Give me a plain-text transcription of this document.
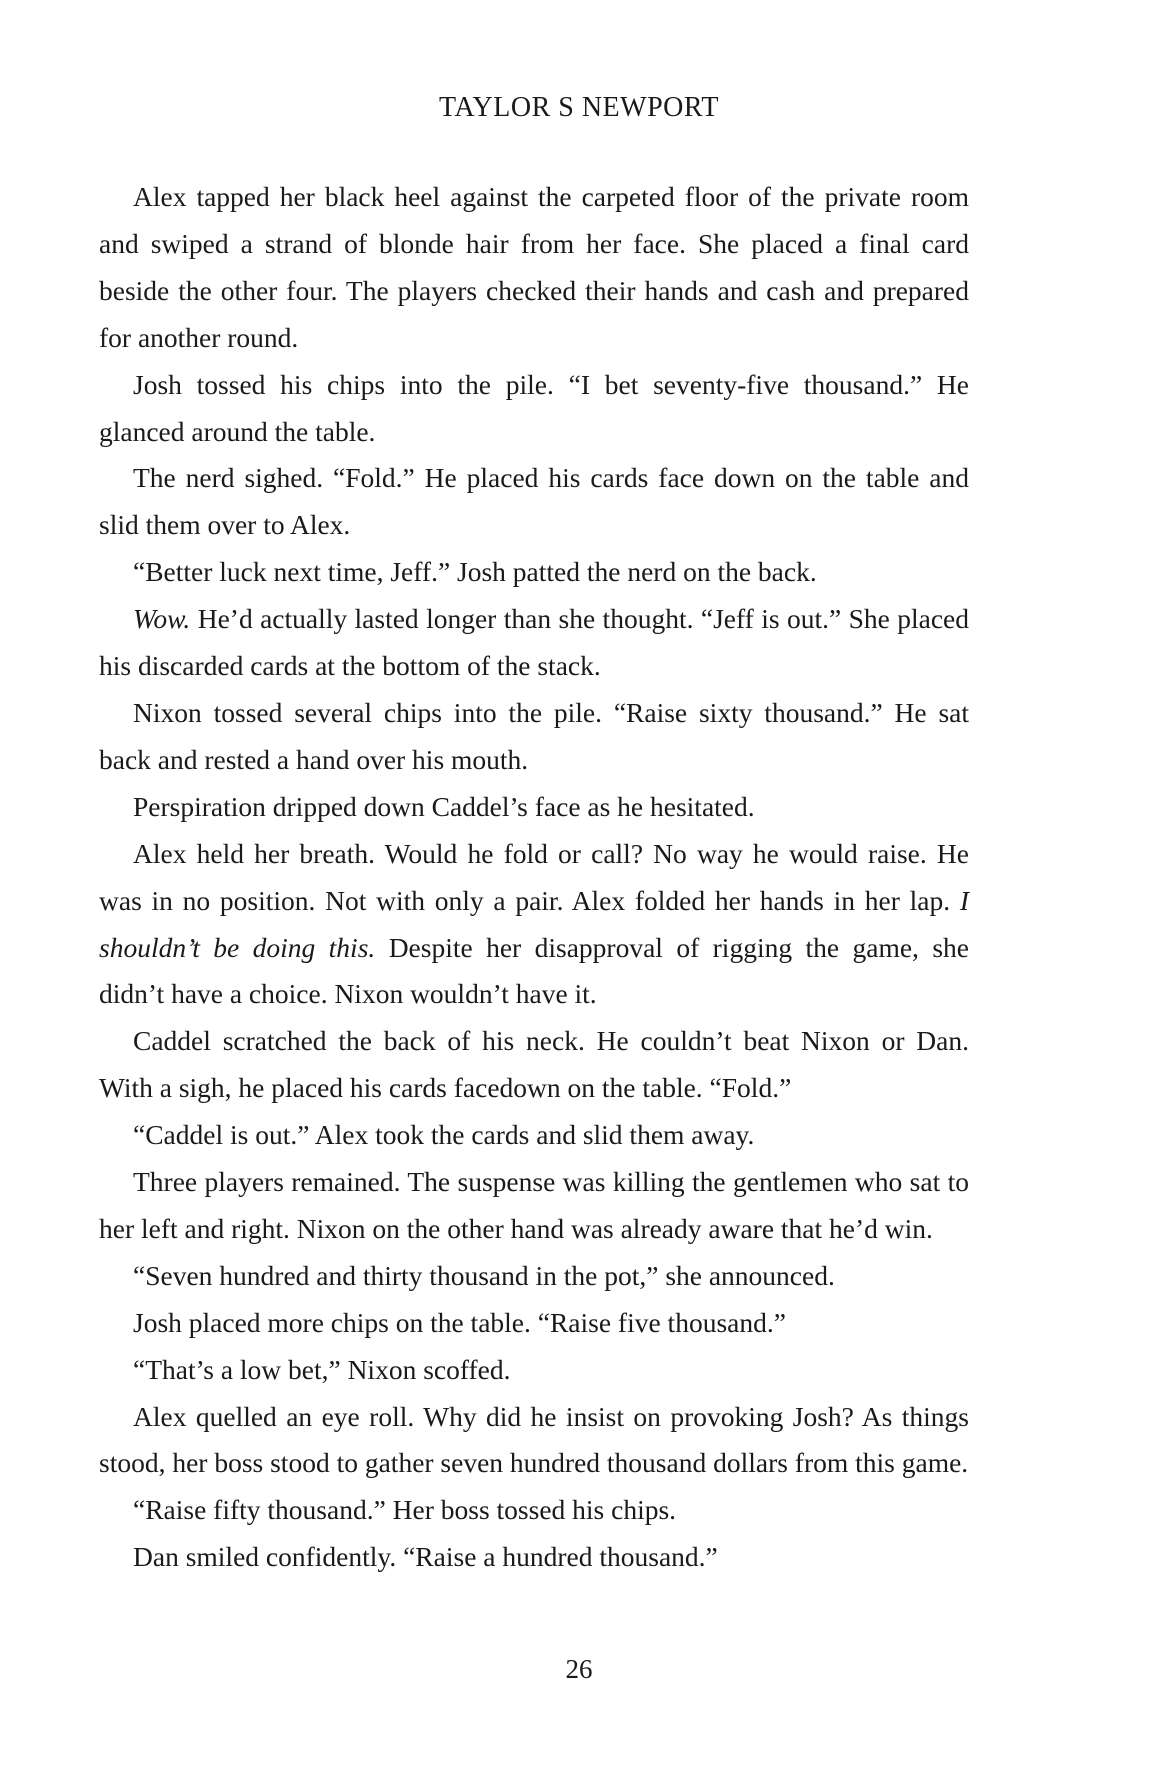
TAYLOR S NEWPORT

Alex tapped her black heel against the carpeted floor of the private room and swiped a strand of blonde hair from her face. She placed a final card beside the other four. The players checked their hands and cash and prepared for another round.

Josh tossed his chips into the pile. “I bet seventy-five thousand.” He glanced around the table.

The nerd sighed. “Fold.” He placed his cards face down on the table and slid them over to Alex.

“Better luck next time, Jeff.” Josh patted the nerd on the back.

Wow. He’d actually lasted longer than she thought. “Jeff is out.” She placed his discarded cards at the bottom of the stack.

Nixon tossed several chips into the pile. “Raise sixty thousand.” He sat back and rested a hand over his mouth.

Perspiration dripped down Caddel’s face as he hesitated.

Alex held her breath. Would he fold or call? No way he would raise. He was in no position. Not with only a pair. Alex folded her hands in her lap. I shouldn’t be doing this. Despite her disapproval of rigging the game, she didn’t have a choice. Nixon wouldn’t have it.

Caddel scratched the back of his neck. He couldn’t beat Nixon or Dan. With a sigh, he placed his cards facedown on the table. “Fold.”

“Caddel is out.” Alex took the cards and slid them away.

Three players remained. The suspense was killing the gentlemen who sat to her left and right. Nixon on the other hand was already aware that he’d win.

“Seven hundred and thirty thousand in the pot,” she announced.

Josh placed more chips on the table. “Raise five thousand.”

“That’s a low bet,” Nixon scoffed.

Alex quelled an eye roll. Why did he insist on provoking Josh? As things stood, her boss stood to gather seven hundred thousand dollars from this game.

“Raise fifty thousand.” Her boss tossed his chips.

Dan smiled confidently. “Raise a hundred thousand.”

26
